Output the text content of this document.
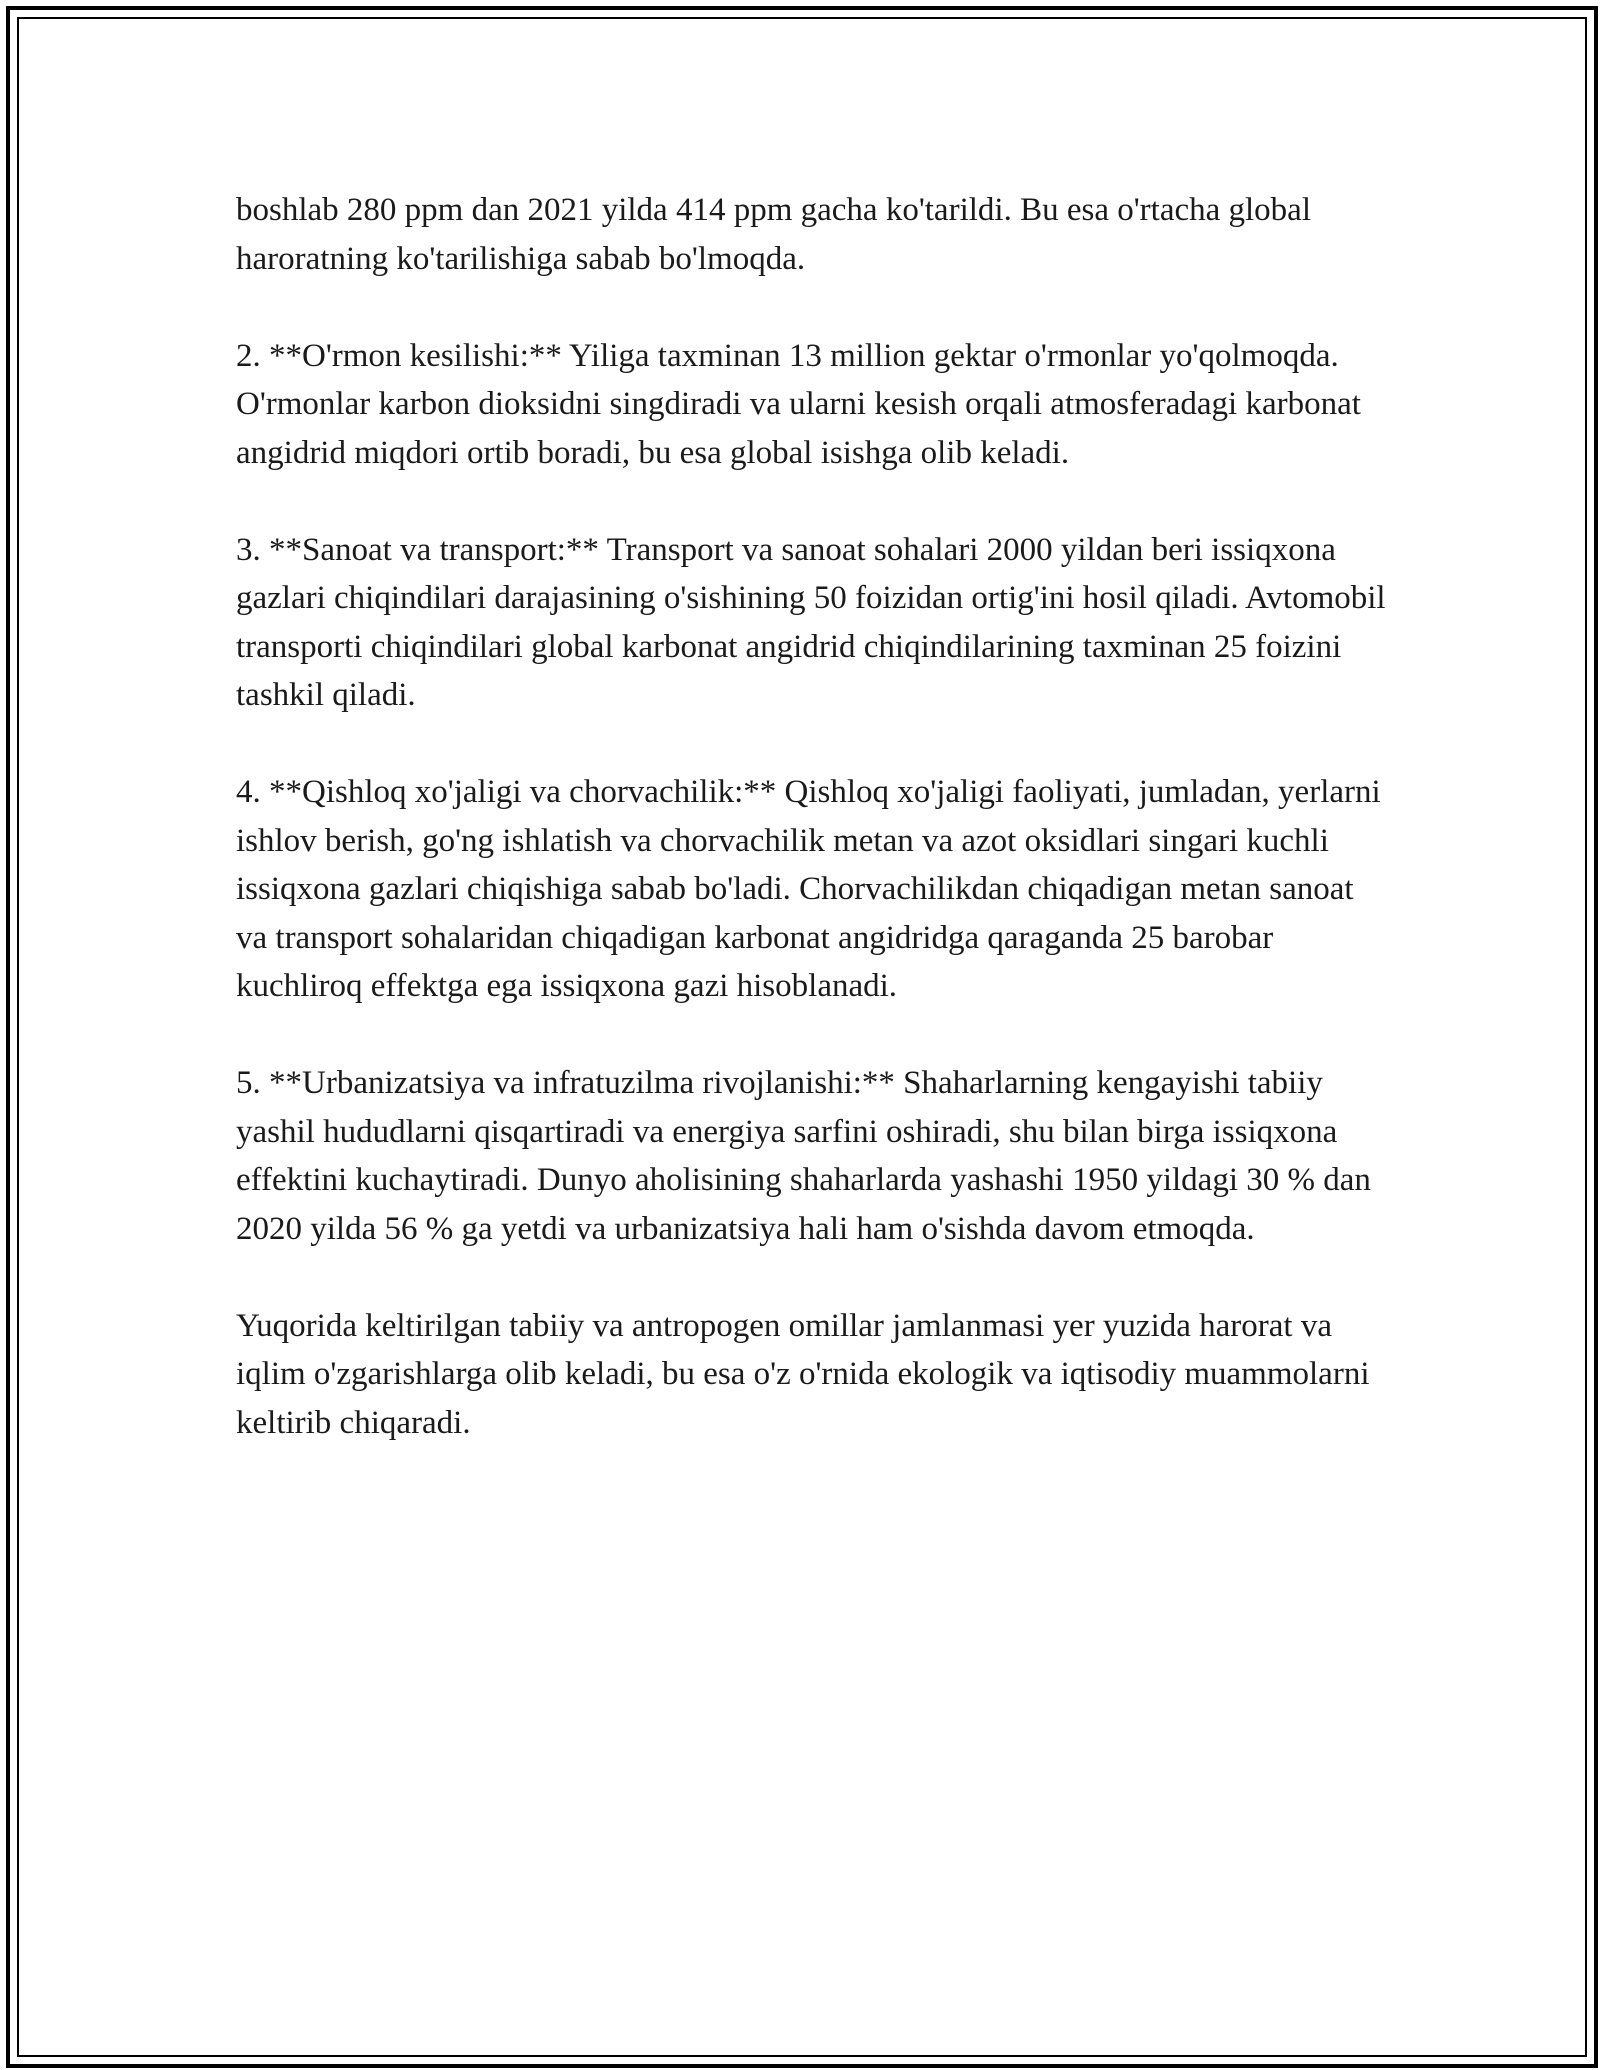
boshlab 280 ppm dan 2021 yilda 414 ppm gacha ko'tarildi. Bu esa o'rtacha global haroratning ko'tarilishiga sabab bo'lmoqda.

2. **O'rmon kesilishi:** Yiliga taxminan 13 million gektar o'rmonlar yo'qolmoqda. O'rmonlar karbon dioksidni singdiradi va ularni kesish orqali atmosferadagi karbonat angidrid miqdori ortib boradi, bu esa global isishga olib keladi.

3. **Sanoat va transport:** Transport va sanoat sohalari 2000 yildan beri issiqxona gazlari chiqindilari darajasining o'sishining 50 foizidan ortig'ini hosil qiladi. Avtomobil transporti chiqindilari global karbonat angidrid chiqindilarining taxminan 25 foizini tashkil qiladi.

4. **Qishloq xo'jaligi va chorvachilik:** Qishloq xo'jaligi faoliyati, jumladan, yerlarni ishlov berish, go'ng ishlatish va chorvachilik metan va azot oksidlari singari kuchli issiqxona gazlari chiqishiga sabab bo'ladi. Chorvachilikdan chiqadigan metan sanoat va transport sohalaridan chiqadigan karbonat angidridga qaraganda 25 barobar kuchliroq effektga ega issiqxona gazi hisoblanadi.

5. **Urbanizatsiya va infratuzilma rivojlanishi:** Shaharlarning kengayishi tabiiy yashil hududlarni qisqartiradi va energiya sarfini oshiradi, shu bilan birga issiqxona effektini kuchaytiradi. Dunyo aholisining shaharlarda yashashi 1950 yildagi 30 % dan 2020 yilda 56 % ga yetdi va urbanizatsiya hali ham o'sishda davom etmoqda.

Yuqorida keltirilgan tabiiy va antropogen omillar jamlanmasi yer yuzida harorat va iqlim o'zgarishlarga olib keladi, bu esa o'z o'rnida ekologik va iqtisodiy muammolarni keltirib chiqaradi.
